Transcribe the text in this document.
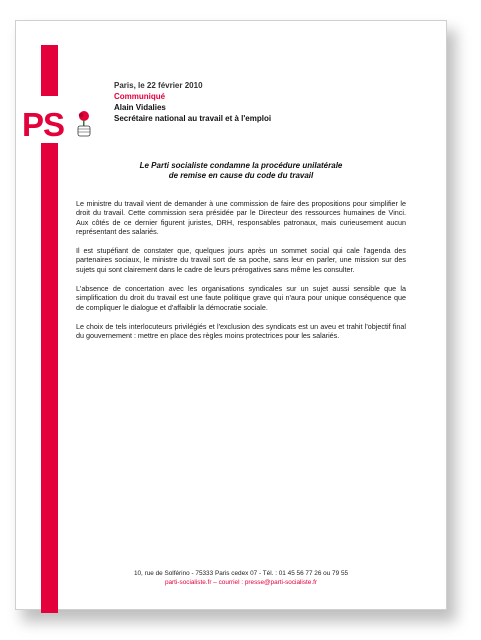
PS
Paris, le 22 février 2010
Communiqué
Alain Vidalies
Secrétaire national au travail et à l'emploi
Le Parti socialiste condamne la procédure unilatérale
de remise en cause du code du travail

Le ministre du travail vient de demander à une commission de faire des propositions pour simplifier le droit du travail. Cette commission sera présidée par le Directeur des ressources humaines de Vinci. Aux côtés de ce dernier figurent juristes, DRH, responsables patronaux, mais curieusement aucun représentant des salariés.

Il est stupéfiant de constater que, quelques jours après un sommet social qui cale l'agenda des partenaires sociaux, le ministre du travail sort de sa poche, sans leur en parler, une mission sur des sujets qui sont clairement dans le cadre de leurs prérogatives sans même les consulter.

L'absence de concertation avec les organisations syndicales sur un sujet aussi sensible que la simplification du droit du travail est une faute politique grave qui n'aura pour unique conséquence que de compliquer le dialogue et d'affaiblir la démocratie sociale.

Le choix de tels interlocuteurs privilégiés et l'exclusion des syndicats est un aveu et trahit l'objectif final du gouvernement : mettre en place des règles moins protectrices pour les salariés.

10, rue de Solférino - 75333 Paris cedex 07 - Tél. : 01 45 56 77 26 ou 79 55
parti-socialiste.fr – courriel : presse@parti-socialiste.fr
